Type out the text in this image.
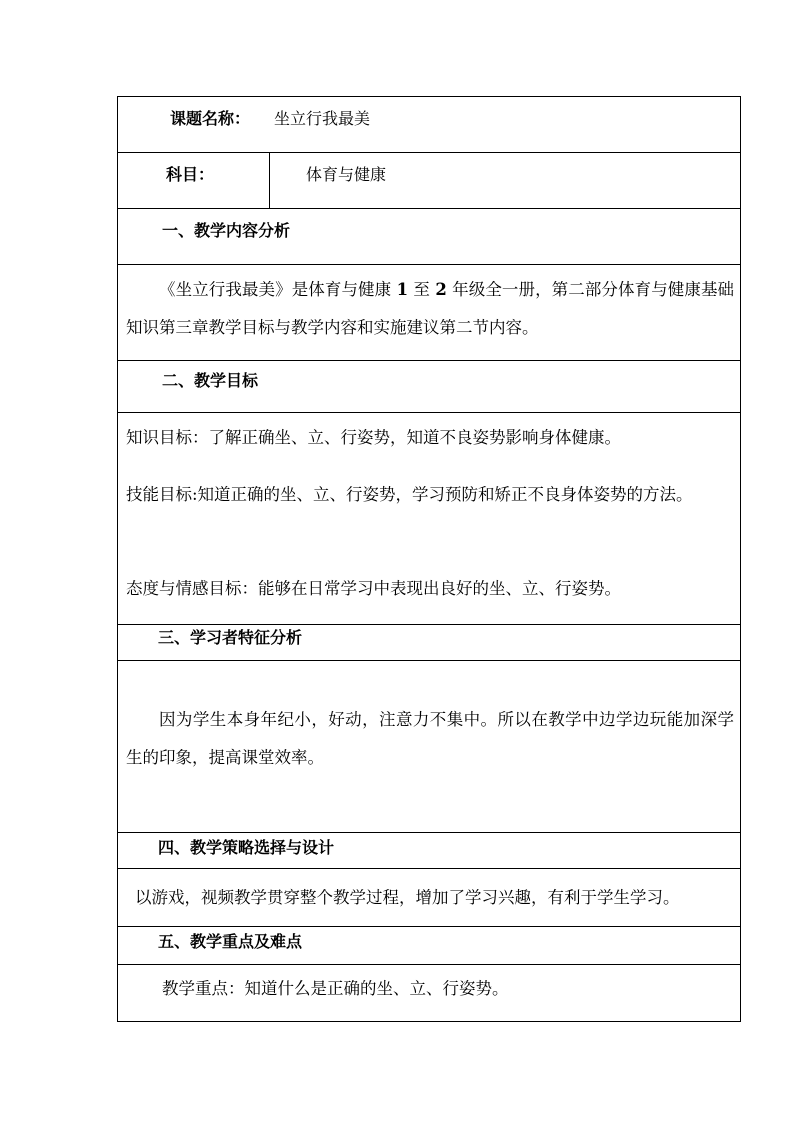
课题名称： 坐立行我最美
科目：	体育与健康
一、教学内容分析
《坐立行我最美》是体育与健康 1 至 2 年级全一册，第二部分体育与健康基础知识第三章教学目标与教学内容和实施建议第二节内容。
二、教学目标
知识目标：了解正确坐、立、行姿势，知道不良姿势影响身体健康。
技能目标:知道正确的坐、立、行姿势，学习预防和矫正不良身体姿势的方法。
态度与情感目标：能够在日常学习中表现出良好的坐、立、行姿势。
三、学习者特征分析
因为学生本身年纪小，好动，注意力不集中。所以在教学中边学边玩能加深学生的印象，提高课堂效率。
四、教学策略选择与设计
以游戏，视频教学贯穿整个教学过程，增加了学习兴趣，有利于学生学习。
五、教学重点及难点
教学重点：知道什么是正确的坐、立、行姿势。
